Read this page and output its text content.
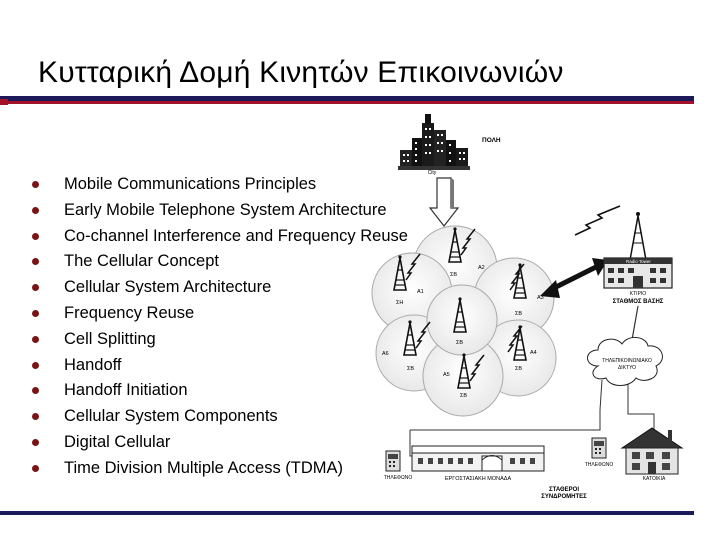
Κυτταρική Δομή Κινητών Επικοινωνιών
Mobile Communications Principles
Early Mobile Telephone System Architecture
Co-channel Interference and Frequency Reuse
The Cellular Concept
Cellular System Architecture
Frequency Reuse
Cell Splitting
Handoff
Handoff Initiation
Cellular System Components
Digital Cellular
Time Division Multiple Access (TDMA)
City
ΠΟΛΗ
A2
ΣΒ
A1
ΣΗ
A3
ΣΒ
ΣΒ
A6
ΣΒ
A4
ΣΒ
A5
ΣΒ
Radio Tower
ΚΤΙΡΙΟ
ΣΤΑΘΜΟΣ ΒΑΣΗΣ
ΤΗΛΕΠΙΚΟΙΝΩΝΙΑΚΟ
ΔΙΚΤΥΟ
ΤΗΛΕΦΩΝΟ	ΕΡΓΟΣΤΑΣΙΑΚΗ ΜΟΝΑΔΑ
ΤΗΛΕΦΩΝΟ
ΚΑΤΟΙΚΙΑ
ΣΤΑΘΕΡΟΙ
ΣΥΝΔΡΟΜΗΤΕΣ
